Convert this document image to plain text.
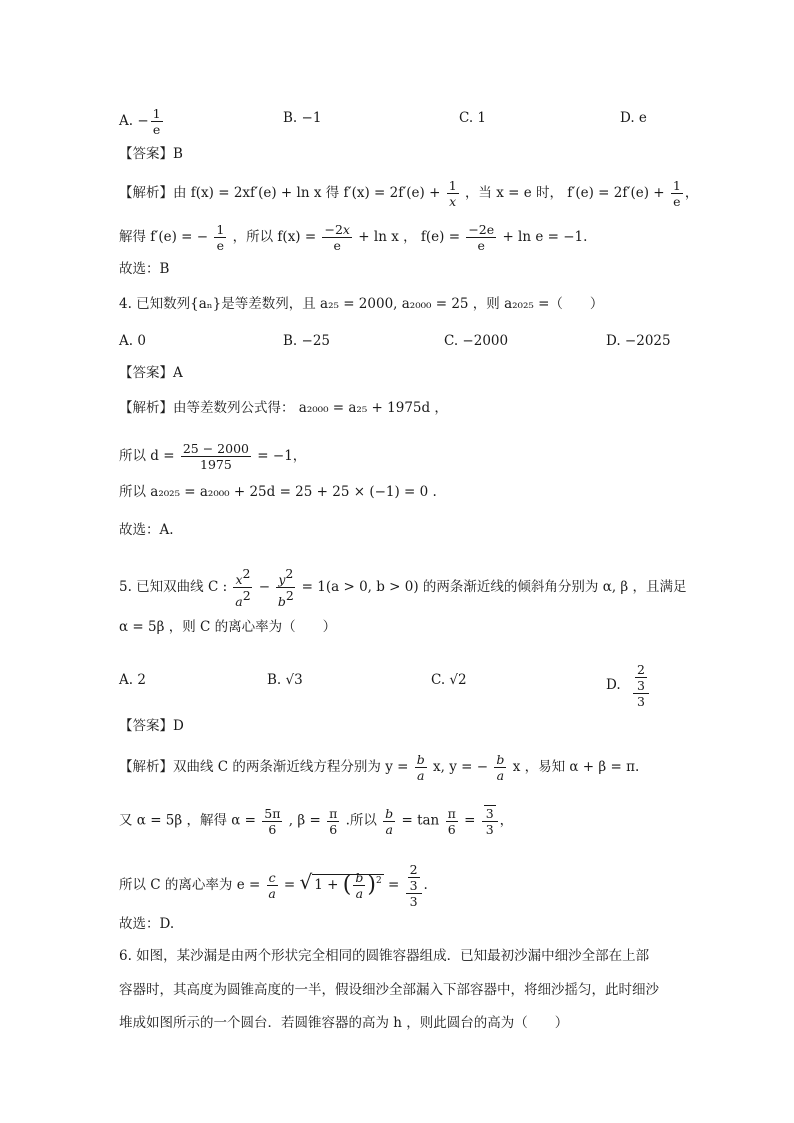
A. − $\frac{1}{e}$	B. −1	C. 1	D. e
【答案】B
【解析】由 f(x) = 2xf′(e) + ln x 得 $f'(x) = 2f'(e) + \frac{1}{x}$ ，当 x = e 时， $f'(e) = 2f'(e) + \frac{1}{e}$ ，
解得 f′(e) = − $\frac{1}{e}$ ，所以 $f(x) = \frac{-2x}{e} + \ln x$ ， $f(e) = \frac{-2e}{e} + \ln e = -1$.
故选：B
4. 已知数列{aₙ}是等差数列，且 a₂₅ = 2000, a₂₀₀₀ = 25 ，则 a₂₀₂₅ =（　　）
A. 0	B. −25	C. −2000	D. −2025
【答案】A
【解析】由等差数列公式得： a₂₀₀₀ = a₂₅ + 1975d ，
所以 $d = \frac{25 - 2000}{1975} = -1$，
所以 a₂₀₂₅ = a₂₀₀₀ + 25d = 25 + 25 × (−1) = 0 .
故选：A.
5. 已知双曲线 C : $\frac{x2}{a2} - \frac{y2}{b2} = 1(a > 0$, b > 0) 的两条渐近线的倾斜角分别为 α, β ，且满足
α = 5β ，则 C 的离心率为（　　）
A. 2	B. √3	C. √2	D. 2
3
3
【答案】D
【解析】双曲线 C 的两条渐近线方程分别为 $y = \frac{b}{a} x$, y = − $\frac{b}{a}$ x ，易知 α + β = π.
又 α = 5β ，解得 $\alpha = \frac{5\pi}{6}$ , $\beta = \frac{\pi}{6}$ .所以 $\frac{b}{a} = \tan \frac{\pi}{6} = \frac{3}{3}$ ，
所以 C 的离心率为 $e = \frac{c}{a}$ = √ 1 + ( $\frac{b}{a} )^2 = 2$
3
3 .
故选：D.
6. 如图，某沙漏是由两个形状完全相同的圆锥容器组成．已知最初沙漏中细沙全部在上部
容器时，其高度为圆锥高度的一半，假设细沙全部漏入下部容器中，将细沙摇匀，此时细沙
堆成如图所示的一个圆台．若圆锥容器的高为 h ，则此圆台的高为（　　）
